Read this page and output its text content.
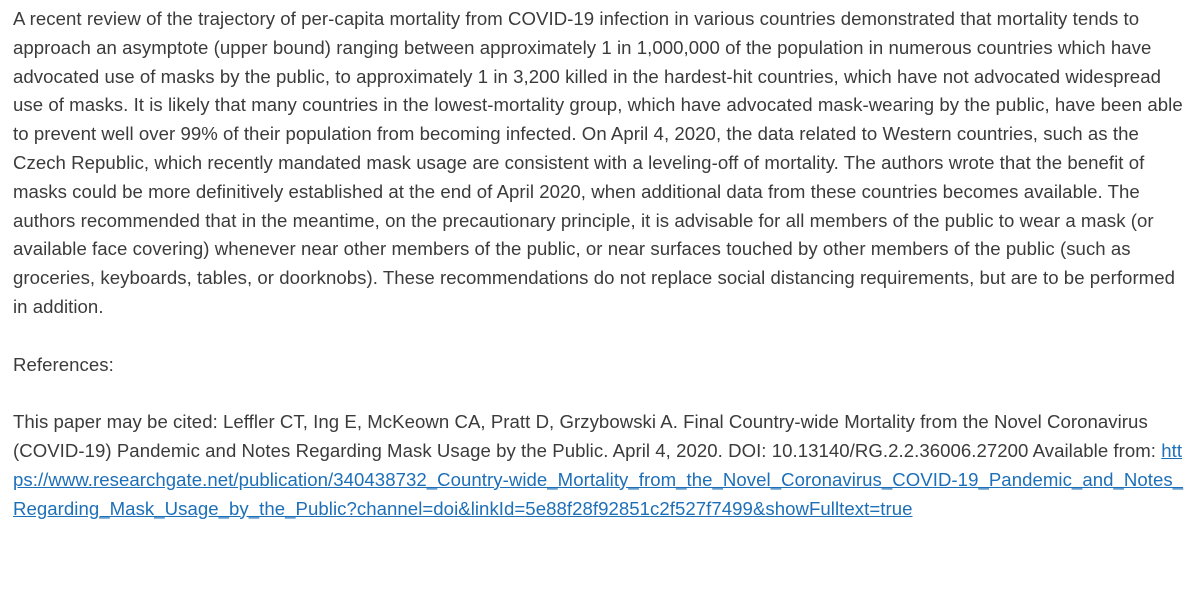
A recent review of the trajectory of per-capita mortality from COVID-19 infection in various countries demonstrated that mortality tends to approach an asymptote (upper bound) ranging between approximately 1 in 1,000,000 of the population in numerous countries which have advocated use of masks by the public, to approximately 1 in 3,200 killed in the hardest-hit countries, which have not advocated widespread use of masks. It is likely that many countries in the lowest-mortality group, which have advocated mask-wearing by the public, have been able to prevent well over 99% of their population from becoming infected. On April 4, 2020, the data related to Western countries, such as the Czech Republic, which recently mandated mask usage are consistent with a leveling-off of mortality. The authors wrote that the benefit of masks could be more definitively established at the end of April 2020, when additional data from these countries becomes available. The authors recommended that in the meantime, on the precautionary principle, it is advisable for all members of the public to wear a mask (or available face covering) whenever near other members of the public, or near surfaces touched by other members of the public (such as groceries, keyboards, tables, or doorknobs). These recommendations do not replace social distancing requirements, but are to be performed in addition.

References:

This paper may be cited: Leffler CT, Ing E, McKeown CA, Pratt D, Grzybowski A. Final Country-wide Mortality from the Novel Coronavirus (COVID-19) Pandemic and Notes Regarding Mask Usage by the Public. April 4, 2020. DOI: 10.13140/RG.2.2.36006.27200 Available from: https://www.researchgate.net/publication/340438732_Country-wide_Mortality_from_the_Novel_Coronavirus_COVID-19_Pandemic_and_Notes_Regarding_Mask_Usage_by_the_Public?channel=doi&linkId=5e88f28f92851c2f527f7499&showFulltext=true
